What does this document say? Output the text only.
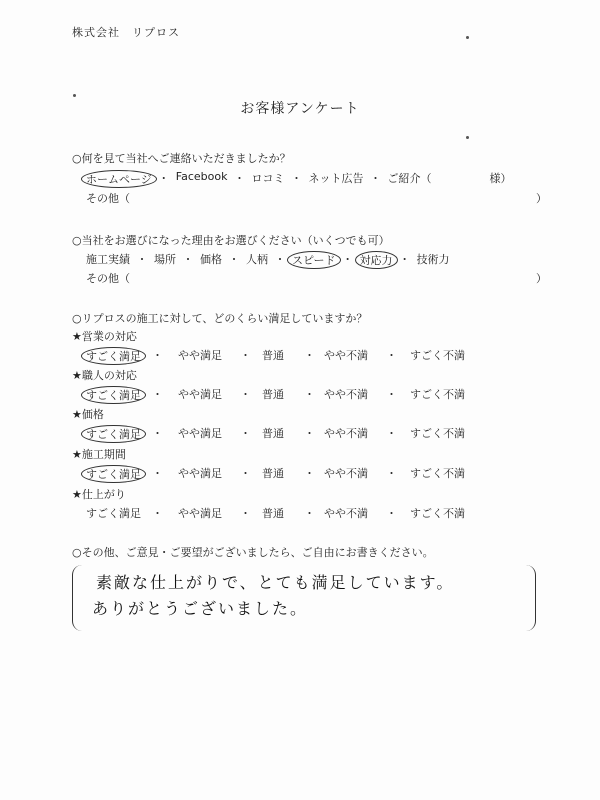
株式会社　リプロス
お客様アンケート
○何を見て当社へご連絡いただきましたか？
ホームページ ・ Facebook ・ ロコミ ・ ネット広告 ・ ご紹介（	様）
その他（	）
○当社をお選びになった理由をお選びください（いくつでも可）
施工実績 ・ 場所 ・ 価格 ・ 人柄 ・ スピード ・ 対応力 ・ 技術力
その他（	）
○リプロスの施工に対して、どのくらい満足していますか？
★営業の対応
すごく満足	・ やや満足 ・ 普通 ・ やや不満 ・ すごく不満
★職人の対応
すごく満足	・ やや満足 ・ 普通 ・ やや不満 ・ すごく不満
★価格
すごく満足	・ やや満足 ・ 普通 ・ やや不満 ・ すごく不満
★施工期間
すごく満足	・ やや満足 ・ 普通 ・ やや不満 ・ すごく不満
★仕上がり
すごく満足 ・ やや満足 ・ 普通 ・ やや不満 ・ すごく不満
○その他、ご意見・ご要望がございましたら、ご自由にお書きください。
素敵な仕上がりで、とても満足しています。
ありがとうございました。
